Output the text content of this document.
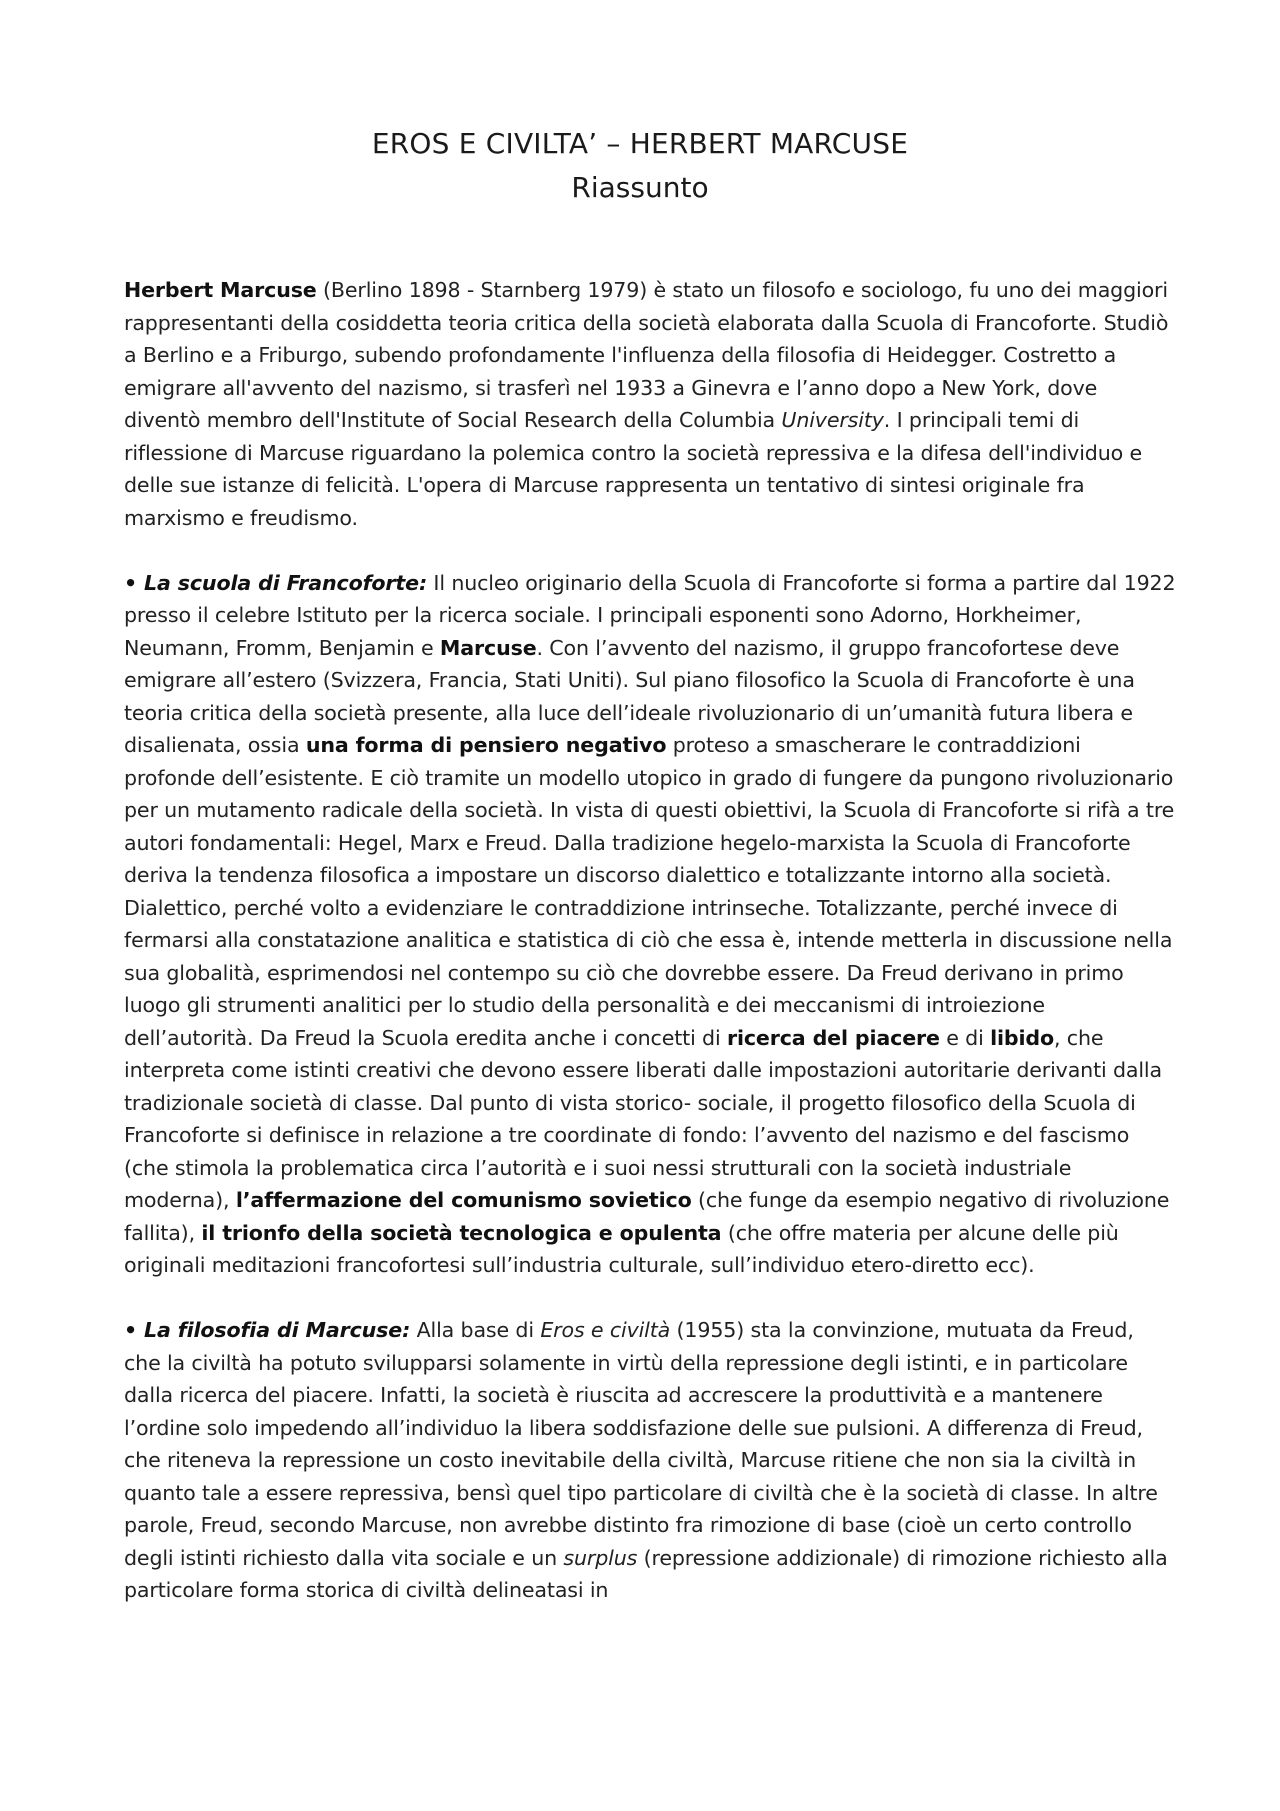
EROS E CIVILTA’ – HERBERT MARCUSE
Riassunto

Herbert Marcuse (Berlino 1898 - Starnberg 1979) è stato un filosofo e sociologo, fu uno dei maggiori rappresentanti della cosiddetta teoria critica della società elaborata dalla Scuola di Francoforte. Studiò a Berlino e a Friburgo, subendo profondamente l'influenza della filosofia di Heidegger. Costretto a emigrare all'avvento del nazismo, si trasferì nel 1933 a Ginevra e l’anno dopo a New York, dove diventò membro dell'Institute of Social Research della Columbia University. I principali temi di riflessione di Marcuse riguardano la polemica contro la società repressiva e la difesa dell'individuo e delle sue istanze di felicità. L'opera di Marcuse rappresenta un tentativo di sintesi originale fra marxismo e freudismo.

• La scuola di Francoforte: Il nucleo originario della Scuola di Francoforte si forma a partire dal 1922 presso il celebre Istituto per la ricerca sociale. I principali esponenti sono Adorno, Horkheimer, Neumann, Fromm, Benjamin e Marcuse. Con l’avvento del nazismo, il gruppo francofortese deve emigrare all’estero (Svizzera, Francia, Stati Uniti). Sul piano filosofico la Scuola di Francoforte è una teoria critica della società presente, alla luce dell’ideale rivoluzionario di un’umanità futura libera e disalienata, ossia una forma di pensiero negativo proteso a smascherare le contraddizioni profonde dell’esistente. E ciò tramite un modello utopico in grado di fungere da pungono rivoluzionario per un mutamento radicale della società. In vista di questi obiettivi, la Scuola di Francoforte si rifà a tre autori fondamentali: Hegel, Marx e Freud. Dalla tradizione hegelo-marxista la Scuola di Francoforte deriva la tendenza filosofica a impostare un discorso dialettico e totalizzante intorno alla società. Dialettico, perché volto a evidenziare le contraddizione intrinseche. Totalizzante, perché invece di fermarsi alla constatazione analitica e statistica di ciò che essa è, intende metterla in discussione nella sua globalità, esprimendosi nel contempo su ciò che dovrebbe essere. Da Freud derivano in primo luogo gli strumenti analitici per lo studio della personalità e dei meccanismi di introiezione dell’autorità. Da Freud la Scuola eredita anche i concetti di ricerca del piacere e di libido, che interpreta come istinti creativi che devono essere liberati dalle impostazioni autoritarie derivanti dalla tradizionale società di classe. Dal punto di vista storico- sociale, il progetto filosofico della Scuola di Francoforte si definisce in relazione a tre coordinate di fondo: l’avvento del nazismo e del fascismo (che stimola la problematica circa l’autorità e i suoi nessi strutturali con la società industriale moderna), l’affermazione del comunismo sovietico (che funge da esempio negativo di rivoluzione fallita), il trionfo della società tecnologica e opulenta (che offre materia per alcune delle più originali meditazioni francofortesi sull’industria culturale, sull’individuo etero-diretto ecc).

• La filosofia di Marcuse: Alla base di Eros e civiltà (1955) sta la convinzione, mutuata da Freud, che la civiltà ha potuto svilupparsi solamente in virtù della repressione degli istinti, e in particolare dalla ricerca del piacere. Infatti, la società è riuscita ad accrescere la produttività e a mantenere l’ordine solo impedendo all’individuo la libera soddisfazione delle sue pulsioni. A differenza di Freud, che riteneva la repressione un costo inevitabile della civiltà, Marcuse ritiene che non sia la civiltà in quanto tale a essere repressiva, bensì quel tipo particolare di civiltà che è la società di classe. In altre parole, Freud, secondo Marcuse, non avrebbe distinto fra rimozione di base (cioè un certo controllo degli istinti richiesto dalla vita sociale e un surplus (repressione addizionale) di rimozione richiesto alla particolare forma storica di civiltà delineatasi in
